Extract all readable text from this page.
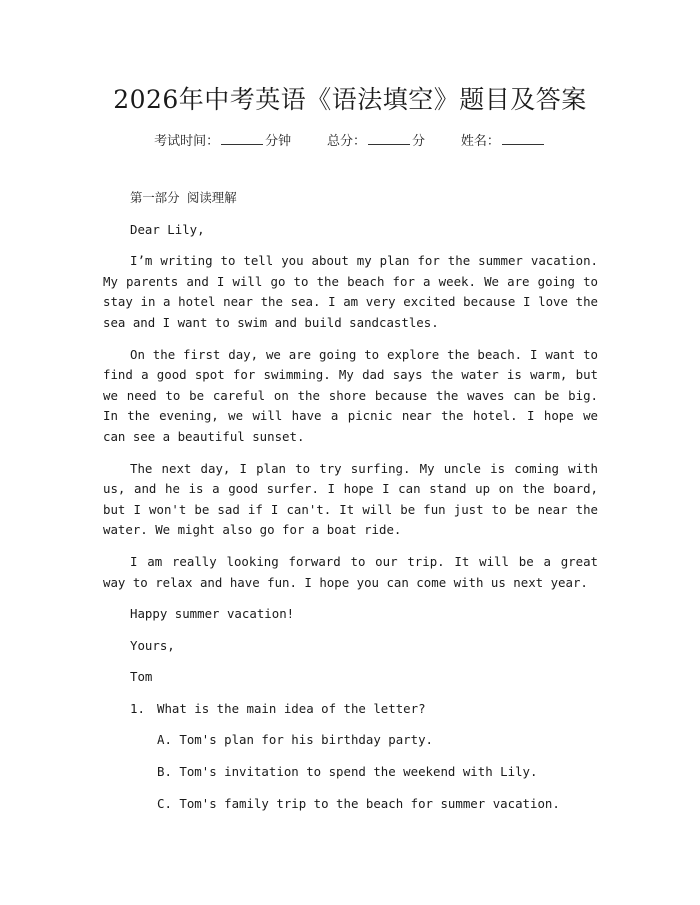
2026年中考英语《语法填空》题目及答案
考试时间：	分钟	总分：	分	姓名：

第一部分 阅读理解

Dear Lily,

I’m writing to tell you about my plan for the summer vacation. My parents and I will go to the beach for a week. We are going to stay in a hotel near the sea. I am very excited because I love the sea and I want to swim and build sandcastles.

On the first day, we are going to explore the beach. I want to find a good spot for swimming. My dad says the water is warm, but we need to be careful on the shore because the waves can be big. In the evening, we will have a picnic near the hotel. I hope we can see a beautiful sunset.

The next day, I plan to try surfing. My uncle is coming with us, and he is a good surfer. I hope I can stand up on the board, but I won't be sad if I can't. It will be fun just to be near the water. We might also go for a boat ride.

I am really looking forward to our trip. It will be a great way to relax and have fun. I hope you can come with us next year.

Happy summer vacation!

Yours,

Tom

1. What is the main idea of the letter?

A. Tom's plan for his birthday party.

B. Tom's invitation to spend the weekend with Lily.

C. Tom's family trip to the beach for summer vacation.
